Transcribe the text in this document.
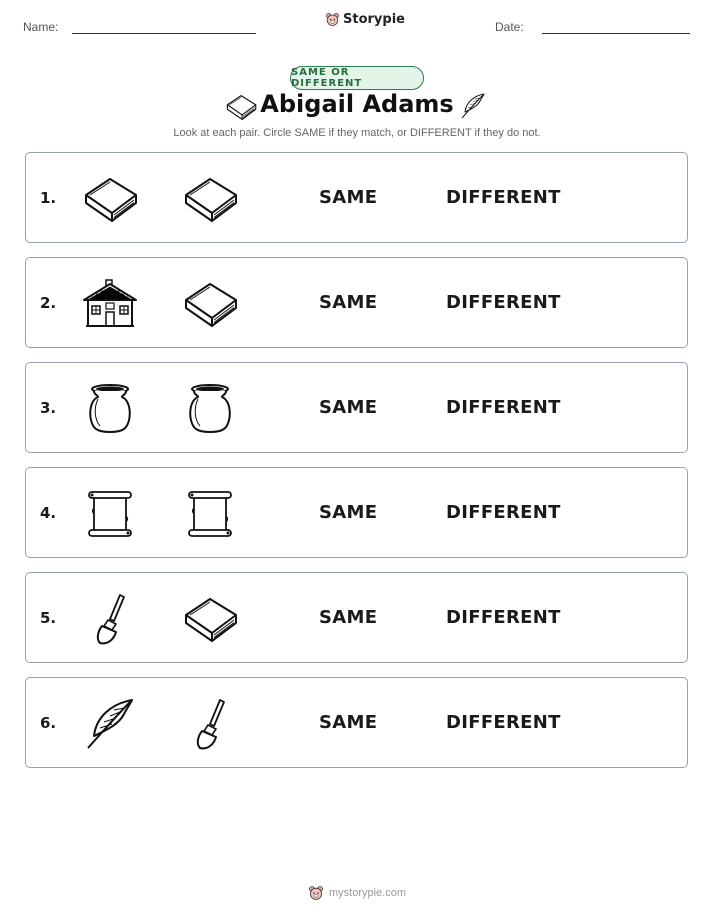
Name:	Storypie	Date:
SAME OR DIFFERENT
Abigail Adams
Look at each pair. Circle SAME if they match, or DIFFERENT if they do not.
1.	SAME	DIFFERENT
2.	SAME	DIFFERENT
3.	SAME	DIFFERENT
4.	SAME	DIFFERENT
5.	SAME	DIFFERENT
6.	SAME	DIFFERENT
mystorypie.com
